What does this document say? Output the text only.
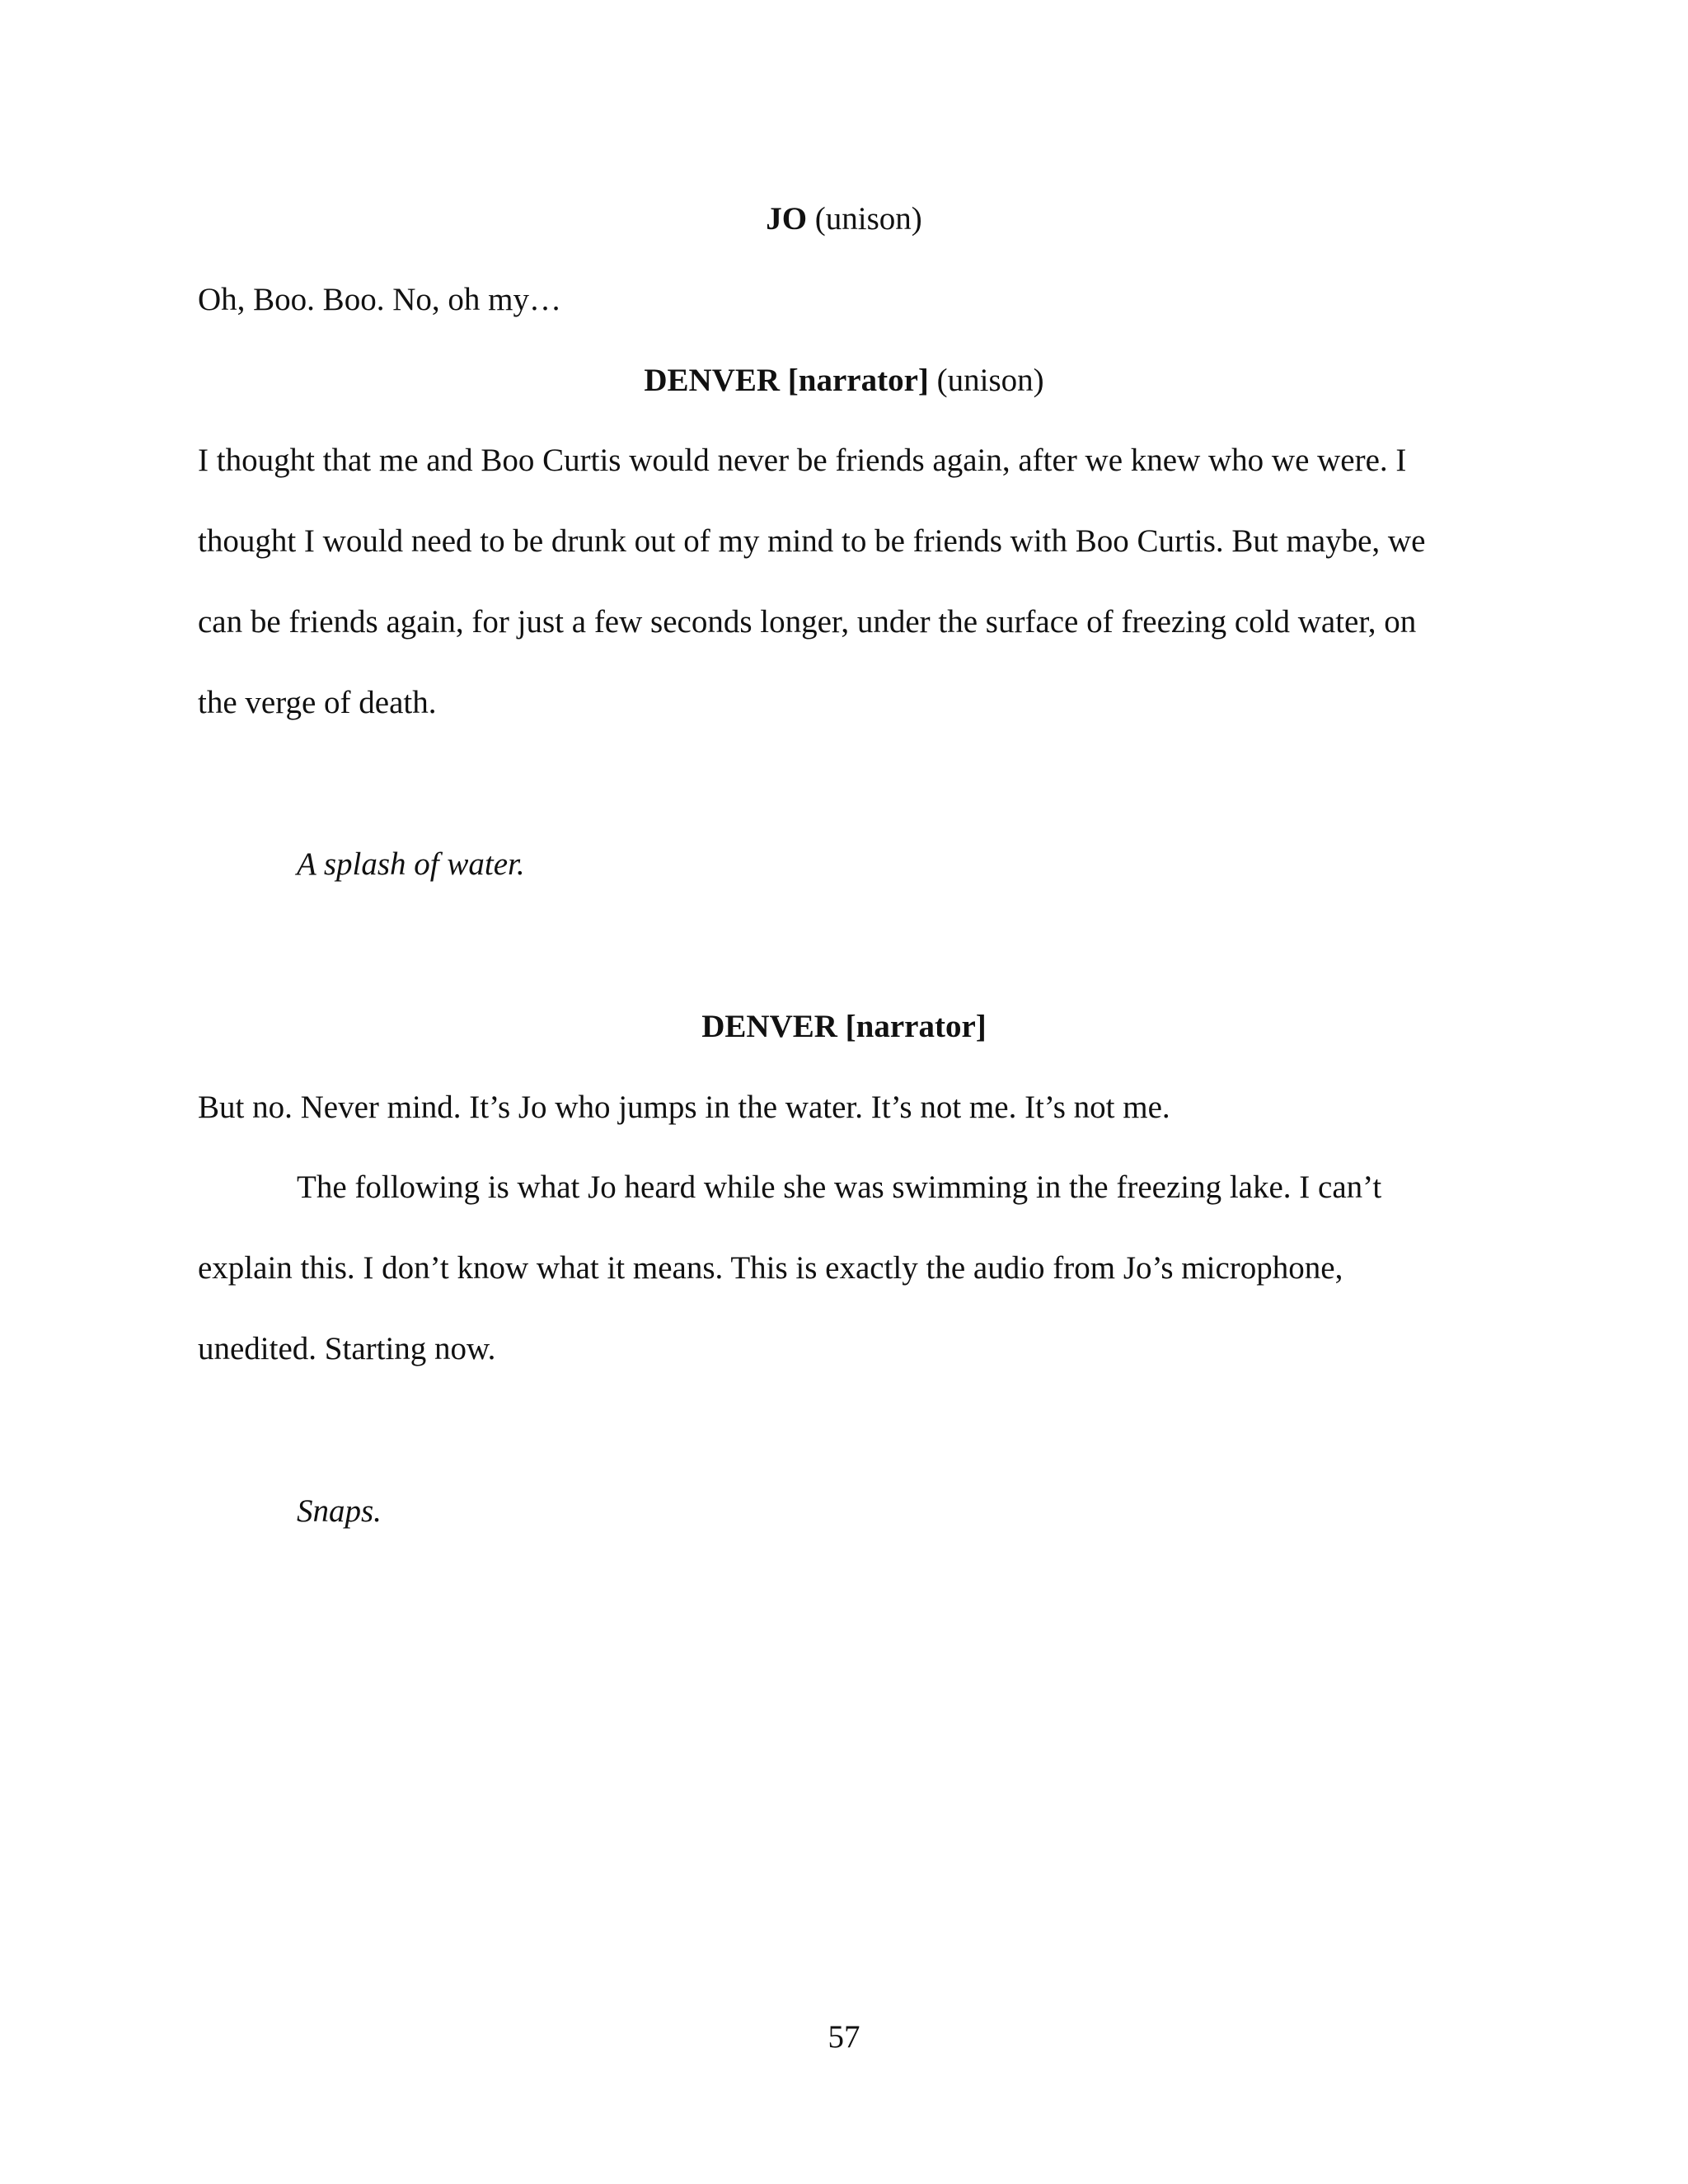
JO (unison)
Oh, Boo. Boo. No, oh my…
DENVER [narrator] (unison)
I thought that me and Boo Curtis would never be friends again, after we knew who we were. I
thought I would need to be drunk out of my mind to be friends with Boo Curtis. But maybe, we
can be friends again, for just a few seconds longer, under the surface of freezing cold water, on
the verge of death.
A splash of water.
DENVER [narrator]
But no. Never mind. It’s Jo who jumps in the water. It’s not me. It’s not me.
The following is what Jo heard while she was swimming in the freezing lake. I can’t
explain this. I don’t know what it means. This is exactly the audio from Jo’s microphone,
unedited. Starting now.
Snaps.
57
